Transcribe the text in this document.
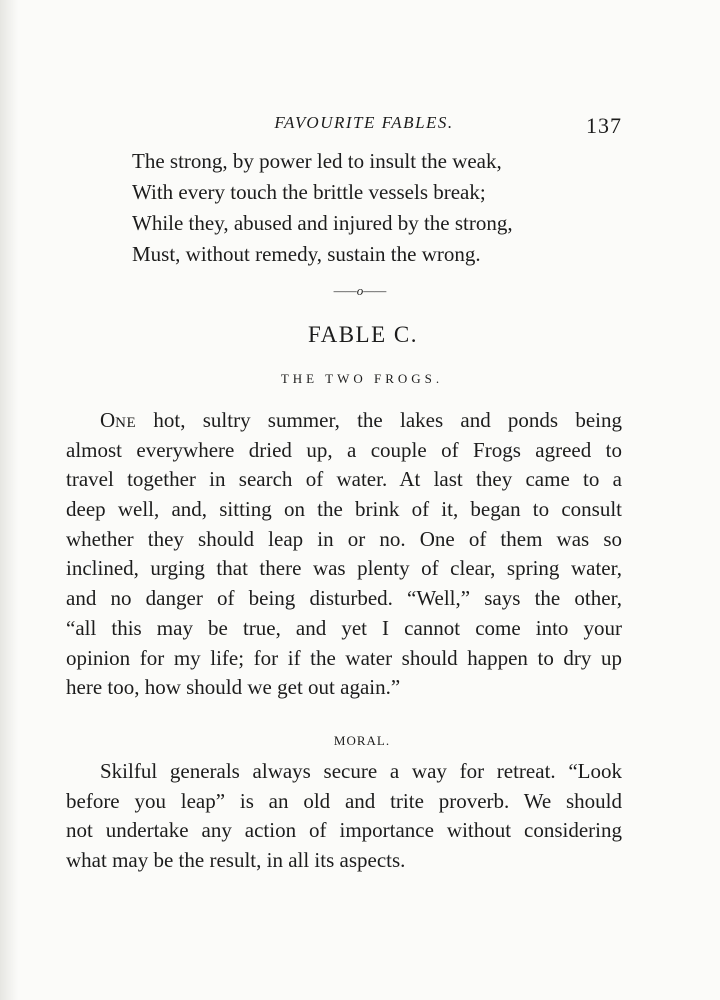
FAVOURITE FABLES.	137
The strong, by power led to insult the weak,
With every touch the brittle vessels break;
While they, abused and injured by the strong,
Must, without remedy, sustain the wrong.
——o——
FABLE C.
THE TWO FROGS.
ONE hot, sultry summer, the lakes and ponds being
almost everywhere dried up, a couple of Frogs agreed to
travel together in search of water. At last they came to a
deep well, and, sitting on the brink of it, began to consult
whether they should leap in or no. One of them was so
inclined, urging that there was plenty of clear, spring water,
and no danger of being disturbed. “Well,” says the other,
“all this may be true, and yet I cannot come into your
opinion for my life; for if the water should happen to dry up
here too, how should we get out again.”
MORAL.
Skilful generals always secure a way for retreat. “Look
before you leap” is an old and trite proverb. We should
not undertake any action of importance without considering
what may be the result, in all its aspects.
